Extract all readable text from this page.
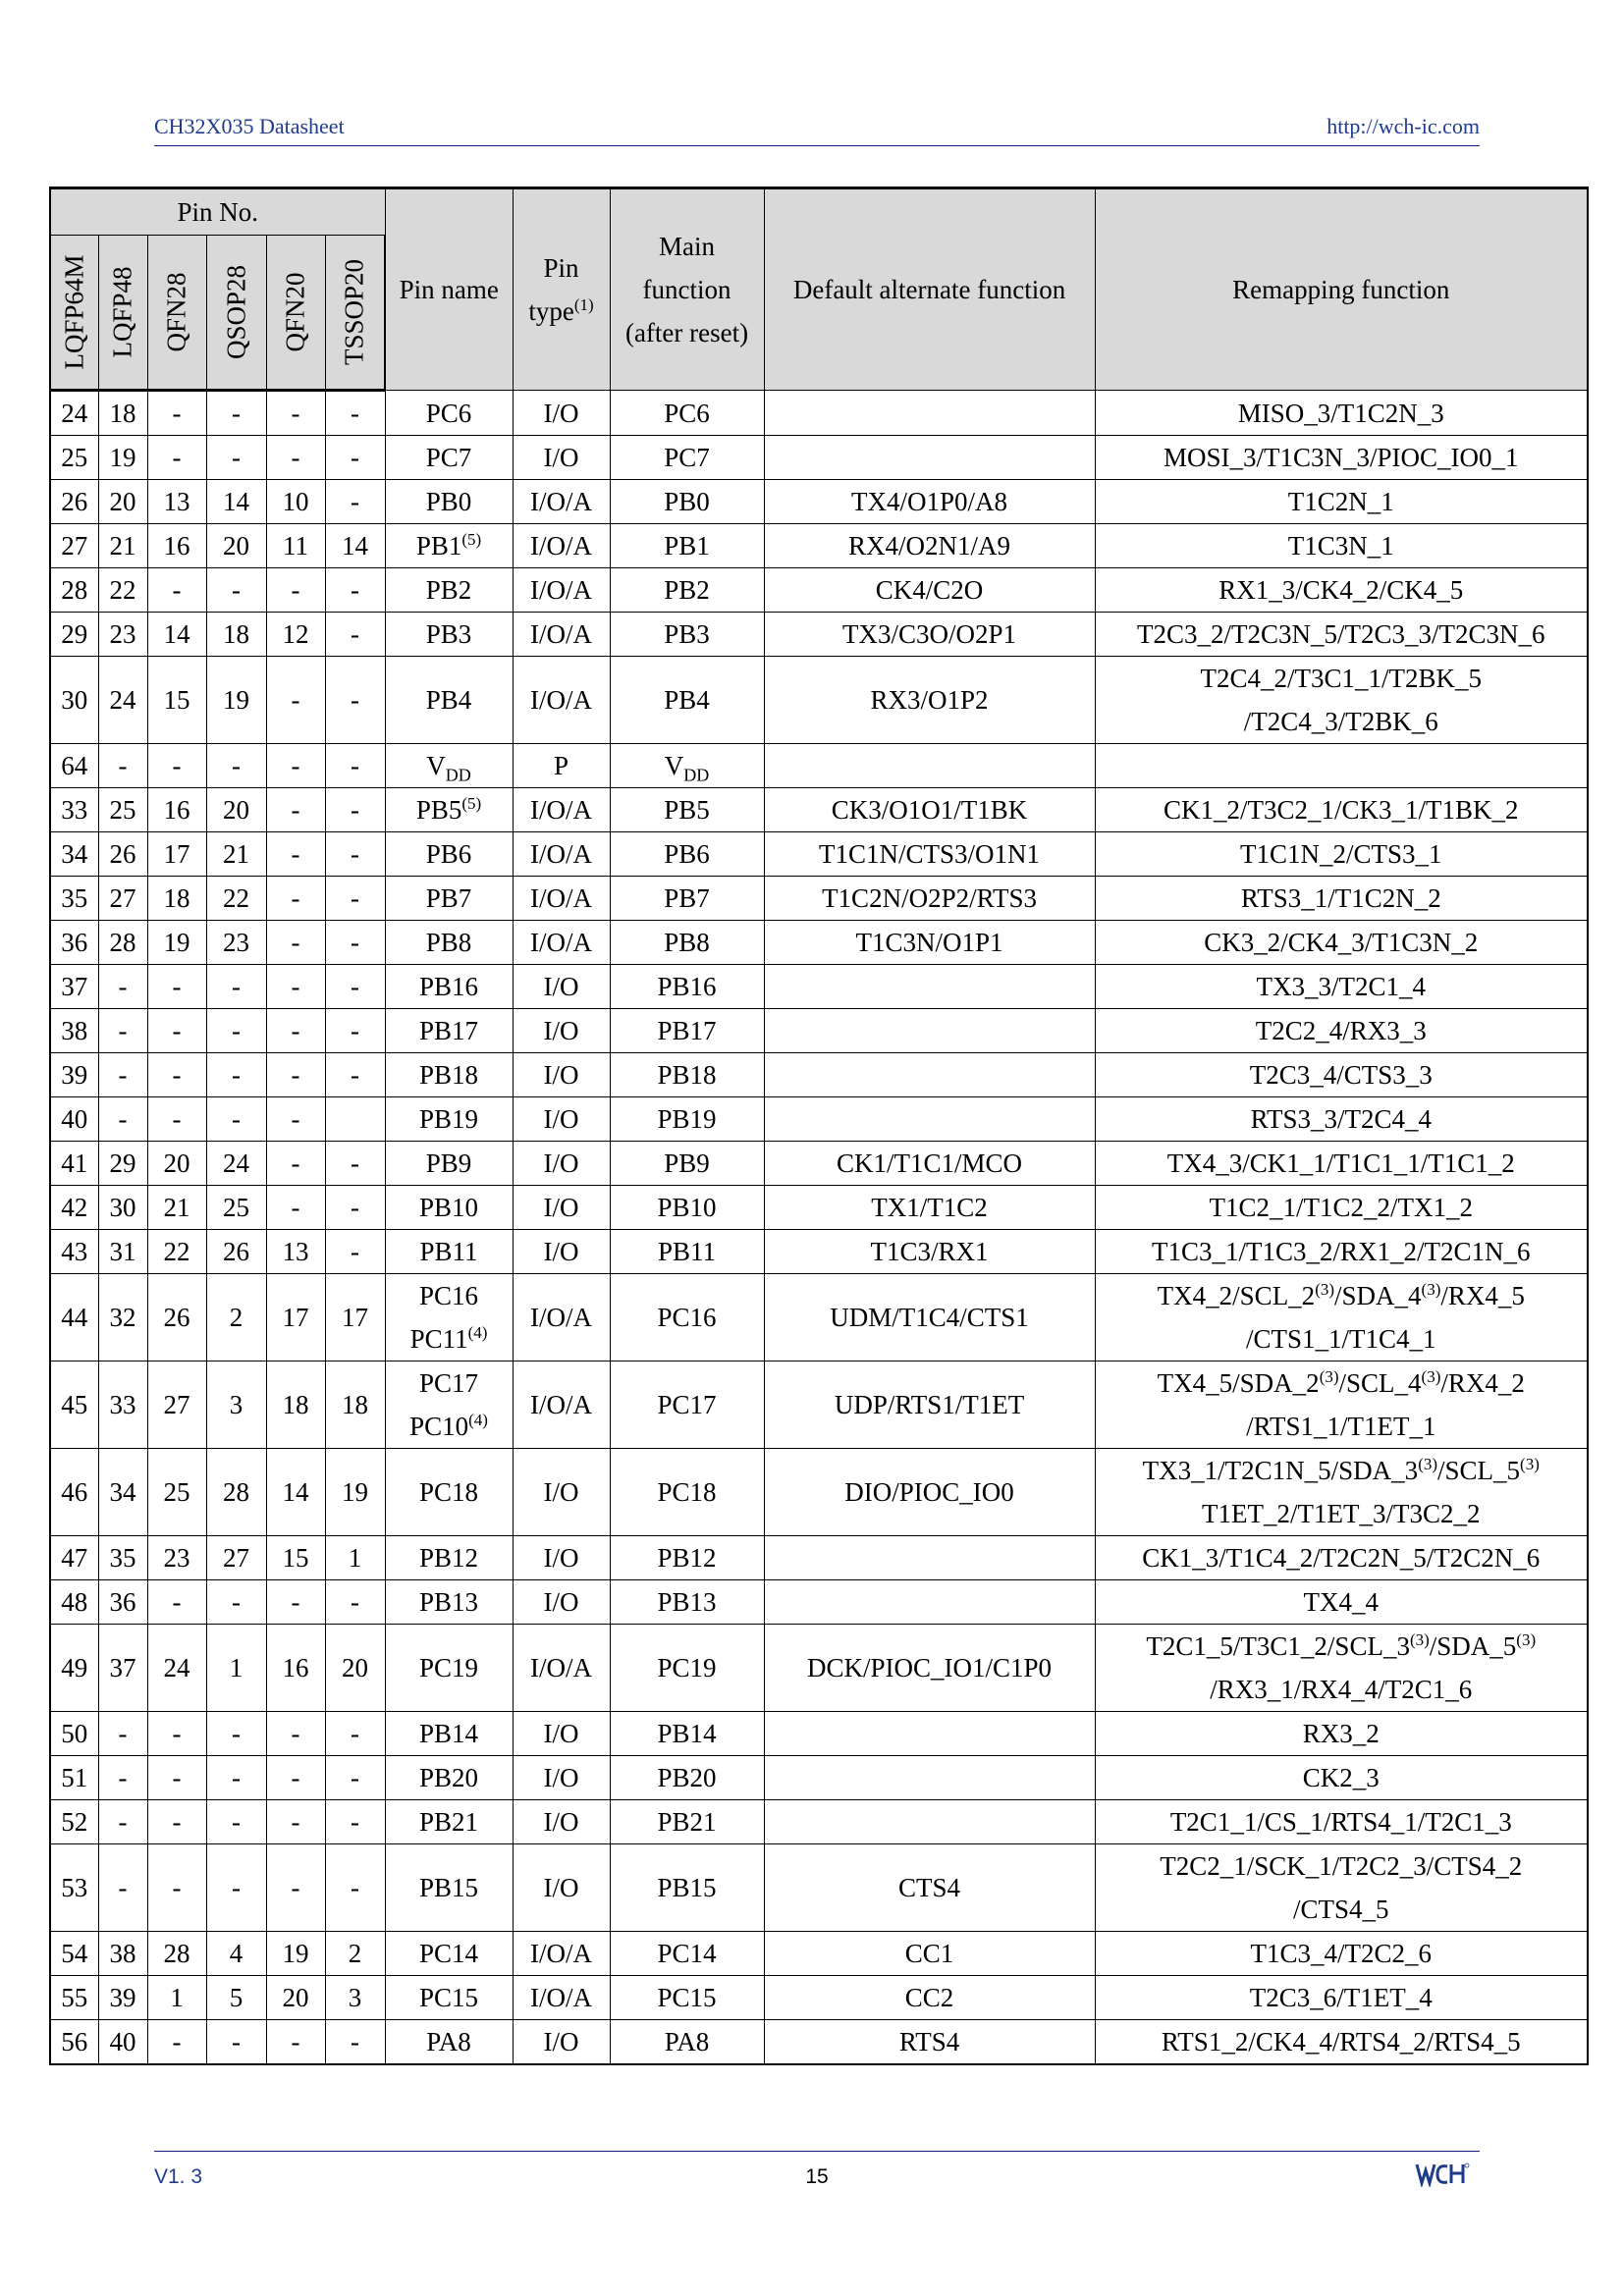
CH32X035 Datasheet	http://wch-ic.com
Pin No.						Pin name	Pin
type$^{(1)}$	Main
function
(after reset)	Default alternate function	Remapping function

LQFP64M	LQFP48	QFN28	QSOP28	QFN20	TSSOP20					

24	18	-	-	-	-	PC6	I/O	PC6		MISO_3/T1C2N_3

25	19	-	-	-	-	PC7	I/O	PC7		MOSI_3/T1C3N_3/PIOC_IO0_1

26	20	13	14	10	-	PB0	I/O/A	PB0	TX4/O1P0/A8	T1C2N_1

27	21	16	20	11	14	PB1$^{(5)}$	I/O/A	PB1	RX4/O2N1/A9	T1C3N_1

28	22	-	-	-	-	PB2	I/O/A	PB2	CK4/C2O	RX1_3/CK4_2/CK4_5

29	23	14	18	12	-	PB3	I/O/A	PB3	TX3/C3O/O2P1	T2C3_2/T2C3N_5/T2C3_3/T2C3N_6

30	24	15	19	-	-	PB4	I/O/A	PB4	RX3/O1P2	T2C4_2/T3C1_1/T2BK_5
/T2C4_3/T2BK_6

64	-	-	-	-	-	$V_{DD}$	P	$V_{DD}$		
33	25	16	20	-	-	PB5$^{(5)}$	I/O/A	PB5	CK3/O1O1/T1BK	CK1_2/T3C2_1/CK3_1/T1BK_2

34	26	17	21	-	-	PB6	I/O/A	PB6	T1C1N/CTS3/O1N1	T1C1N_2/CTS3_1

35	27	18	22	-	-	PB7	I/O/A	PB7	T1C2N/O2P2/RTS3	RTS3_1/T1C2N_2

36	28	19	23	-	-	PB8	I/O/A	PB8	T1C3N/O1P1	CK3_2/CK4_3/T1C3N_2

37	-	-	-	-	-	PB16	I/O	PB16		TX3_3/T2C1_4

38	-	-	-	-	-	PB17	I/O	PB17		T2C2_4/RX3_3

39	-	-	-	-	-	PB18	I/O	PB18		T2C3_4/CTS3_3

40	-	-	-	-		PB19	I/O	PB19		RTS3_3/T2C4_4

41	29	20	24	-	-	PB9	I/O	PB9	CK1/T1C1/MCO	TX4_3/CK1_1/T1C1_1/T1C1_2

42	30	21	25	-	-	PB10	I/O	PB10	TX1/T1C2	T1C2_1/T1C2_2/TX1_2

43	31	22	26	13	-	PB11	I/O	PB11	T1C3/RX1	T1C3_1/T1C3_2/RX1_2/T2C1N_6

44	32	26	2	17	17	PC16
PC11$^{(4)}$	I/O/A	PC16	UDM/T1C4/CTS1	TX4_2/SCL_2$^{(3)}$/SDA_4$^{(3)}$/RX4_5
/CTS1_1/T1C4_1

45	33	27	3	18	18	PC17
PC10$^{(4)}$	I/O/A	PC17	UDP/RTS1/T1ET	TX4_5/SDA_2$^{(3)}$/SCL_4$^{(3)}$/RX4_2
/RTS1_1/T1ET_1

46	34	25	28	14	19	PC18	I/O	PC18	DIO/PIOC_IO0	TX3_1/T2C1N_5/SDA_3$^{(3)}$/SCL_5$^{(3)}$
T1ET_2/T1ET_3/T3C2_2

47	35	23	27	15	1	PB12	I/O	PB12		CK1_3/T1C4_2/T2C2N_5/T2C2N_6

48	36	-	-	-	-	PB13	I/O	PB13		TX4_4

49	37	24	1	16	20	PC19	I/O/A	PC19	DCK/PIOC_IO1/C1P0	T2C1_5/T3C1_2/SCL_3$^{(3)}$/SDA_5$^{(3)}$
/RX3_1/RX4_4/T2C1_6

50	-	-	-	-	-	PB14	I/O	PB14		RX3_2

51	-	-	-	-	-	PB20	I/O	PB20		CK2_3

52	-	-	-	-	-	PB21	I/O	PB21		T2C1_1/CS_1/RTS4_1/T2C1_3

53	-	-	-	-	-	PB15	I/O	PB15	CTS4	T2C2_1/SCK_1/T2C2_3/CTS4_2
/CTS4_5

54	38	28	4	19	2	PC14	I/O/A	PC14	CC1	T1C3_4/T2C2_6

55	39	1	5	20	3	PC15	I/O/A	PC15	CC2	T2C3_6/T1ET_4

56	40	-	-	-	-	PA8	I/O	PA8	RTS4	RTS1_2/CK4_4/RTS4_2/RTS4_5
V1. 3	15
